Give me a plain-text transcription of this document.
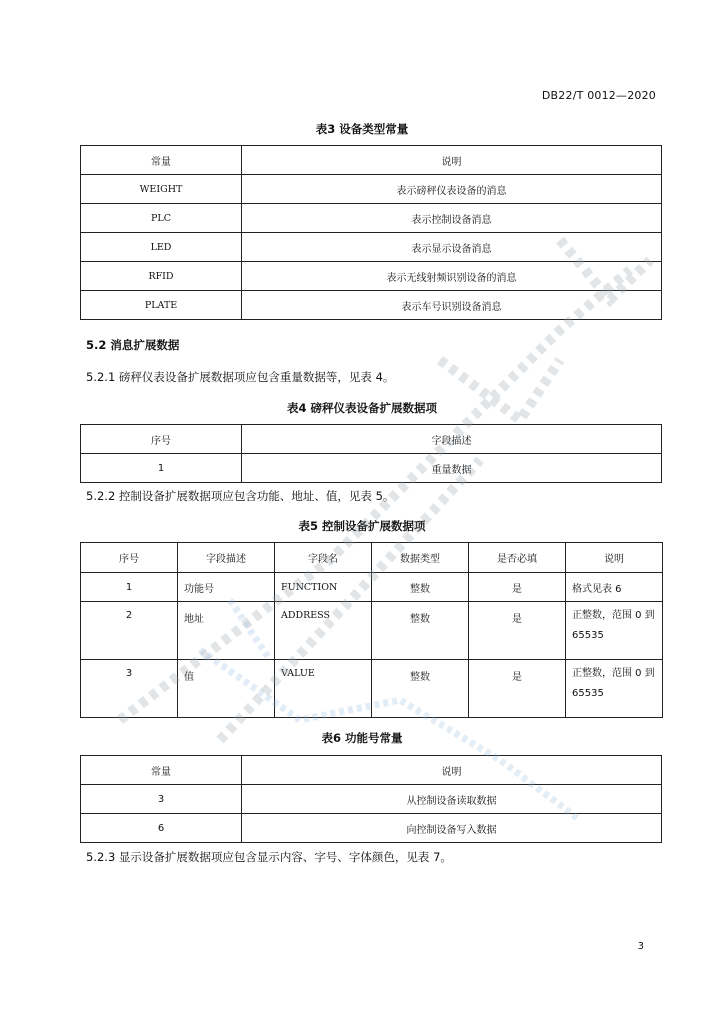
DB22/T 0012—2020
表3 设备类型常量
常量	说明
WEIGHT	表示磅秤仪表设备的消息
PLC	表示控制设备消息
LED	表示显示设备消息
RFID	表示无线射频识别设备的消息
PLATE	表示车号识别设备消息
5.2 消息扩展数据
5.2.1 磅秤仪表设备扩展数据项应包含重量数据等，见表 4。
表4 磅秤仪表设备扩展数据项
序号	字段描述
1	重量数据
5.2.2 控制设备扩展数据项应包含功能、地址、值，见表 5。
表5 控制设备扩展数据项
序号	字段描述	字段名	数据类型	是否必填	说明
1	功能号	FUNCTION	整数	是	格式见表 6
2	地址	ADDRESS	整数	是	正整数，范围 0 到 65535
3	值	VALUE	整数	是	正整数，范围 0 到 65535
表6 功能号常量
常量	说明
3	从控制设备读取数据
6	向控制设备写入数据
5.2.3 显示设备扩展数据项应包含显示内容、字号、字体颜色，见表 7。
3
